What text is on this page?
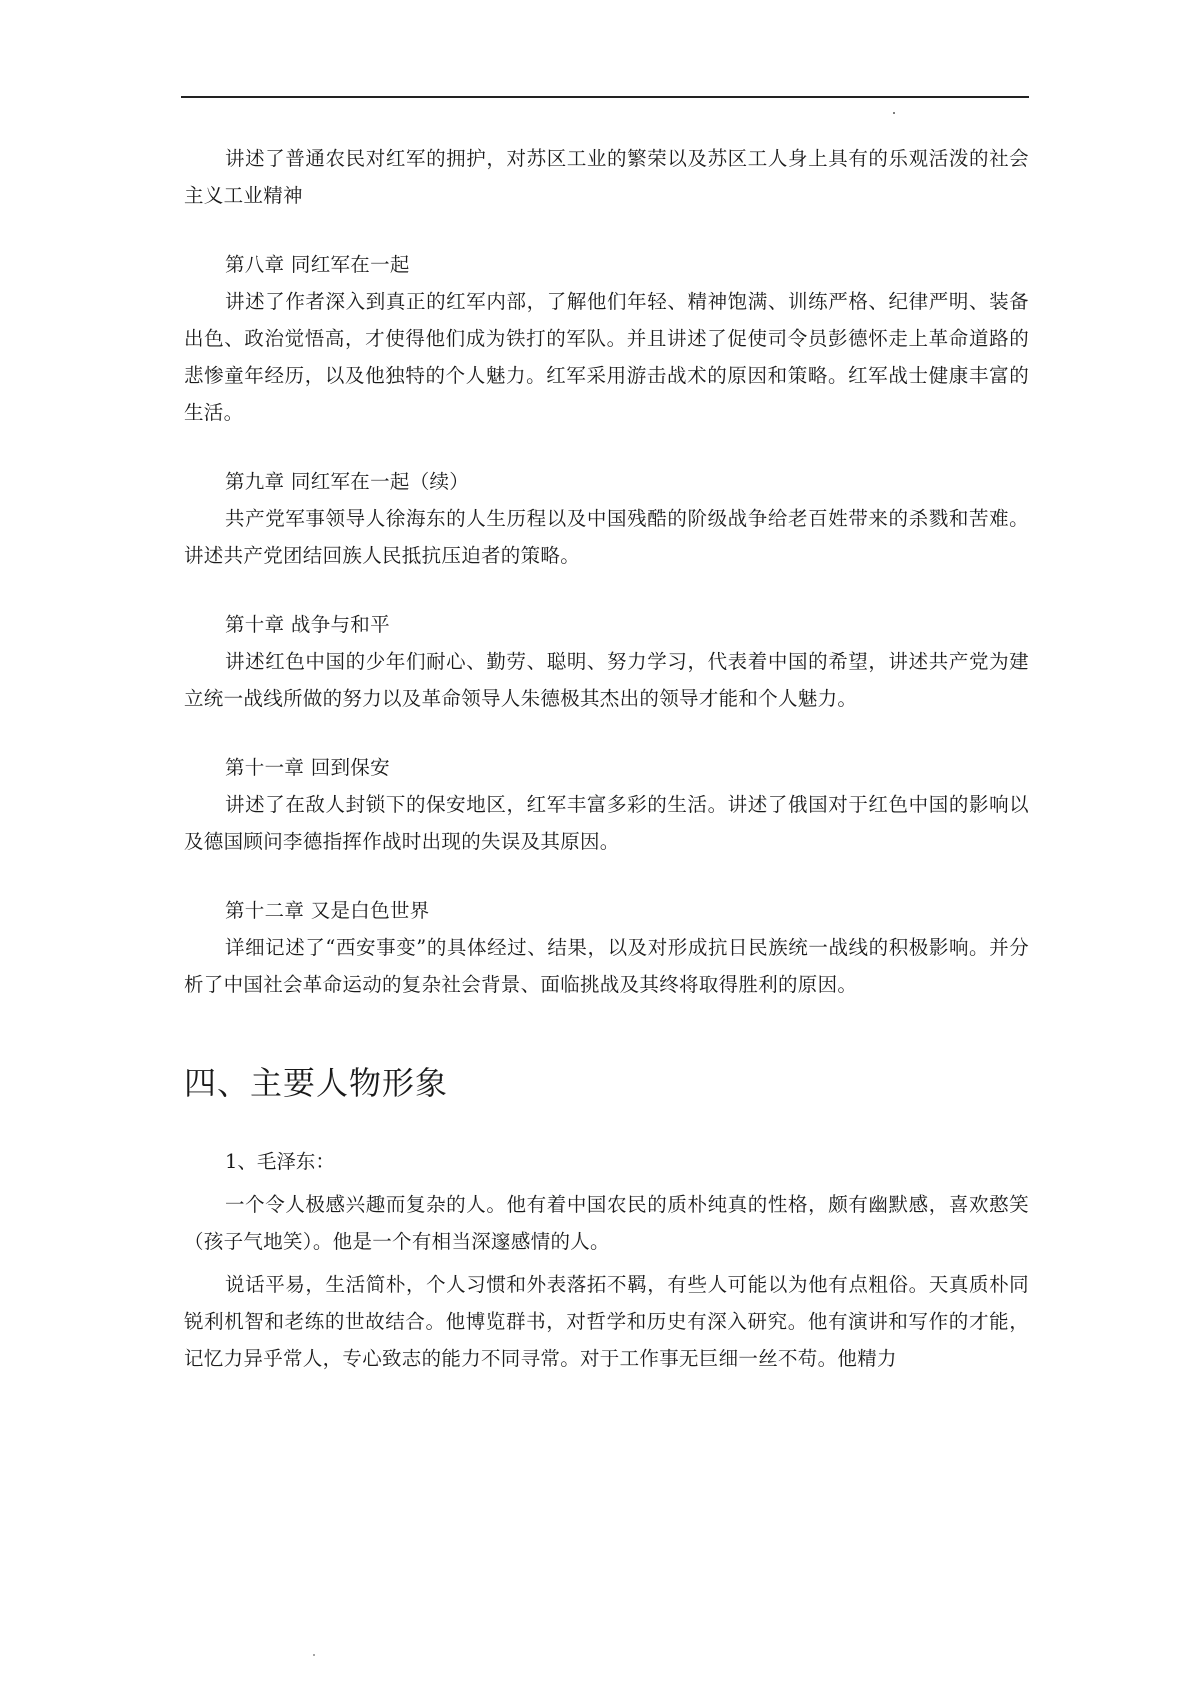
讲述了普通农民对红军的拥护，对苏区工业的繁荣以及苏区工人身上具有的乐观活泼的社会主义工业精神

第八章 同红军在一起

讲述了作者深入到真正的红军内部，了解他们年轻、精神饱满、训练严格、纪律严明、装备出色、政治觉悟高，才使得他们成为铁打的军队。并且讲述了促使司令员彭德怀走上革命道路的悲惨童年经历，以及他独特的个人魅力。红军采用游击战术的原因和策略。红军战士健康丰富的生活。

第九章 同红军在一起（续）

共产党军事领导人徐海东的人生历程以及中国残酷的阶级战争给老百姓带来的杀戮和苦难。讲述共产党团结回族人民抵抗压迫者的策略。

第十章 战争与和平

讲述红色中国的少年们耐心、勤劳、聪明、努力学习，代表着中国的希望，讲述共产党为建立统一战线所做的努力以及革命领导人朱德极其杰出的领导才能和个人魅力。

第十一章 回到保安

讲述了在敌人封锁下的保安地区，红军丰富多彩的生活。讲述了俄国对于红色中国的影响以及德国顾问李德指挥作战时出现的失误及其原因。

第十二章 又是白色世界

详细记述了“西安事变”的具体经过、结果，以及对形成抗日民族统一战线的积极影响。并分析了中国社会革命运动的复杂社会背景、面临挑战及其终将取得胜利的原因。

四、主要人物形象

1、毛泽东：

一个令人极感兴趣而复杂的人。他有着中国农民的质朴纯真的性格，颇有幽默感，喜欢憨笑（孩子气地笑）。他是一个有相当深邃感情的人。

说话平易，生活简朴，个人习惯和外表落拓不羁，有些人可能以为他有点粗俗。天真质朴同锐利机智和老练的世故结合。他博览群书，对哲学和历史有深入研究。他有演讲和写作的才能，记忆力异乎常人，专心致志的能力不同寻常。对于工作事无巨细一丝不苟。他精力
